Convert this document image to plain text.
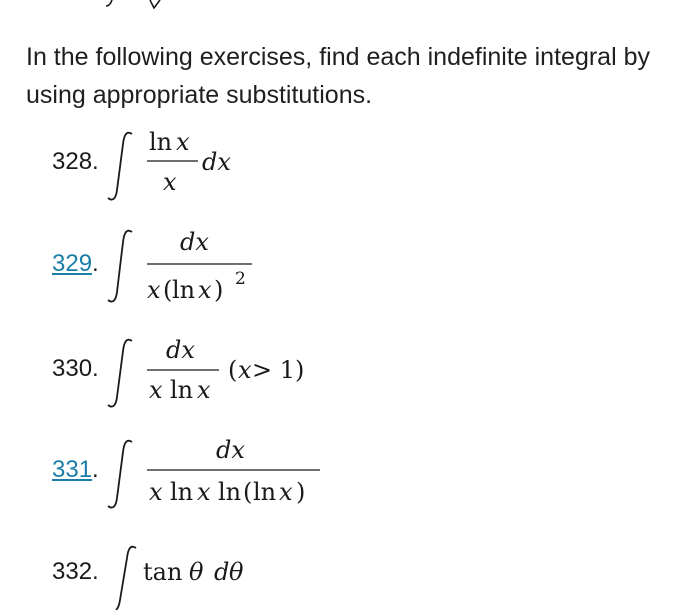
In the following exercises, find each indefinite integral by using appropriate substitutions.
328.
329.
330.
331.
332.
ln x
x
dx
dx
x ( ln x ) 2
dx
x ln x
( x > 1)
dx
x ln x ln ( ln x )
tan θ d θ
